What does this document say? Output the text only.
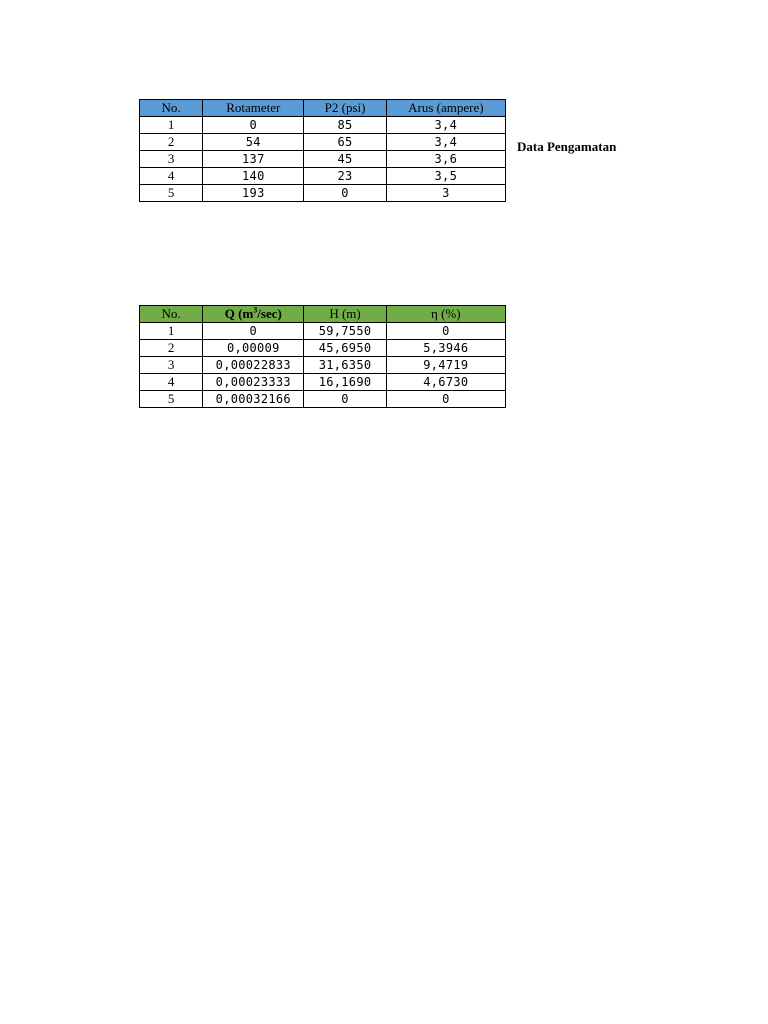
No.	Rotameter	P2 (psi)	Arus (ampere)
1	0	85	3,4
2	54	65	3,4
3	137	45	3,6
4	140	23	3,5
5	193	0	3
Data Pengamatan
No.	Q $(m^3/\sec)$	H (m)	η (%)
1	0	59,7550	0
2	0,00009	45,6950	5,3946
3	0,00022833	31,6350	9,4719
4	0,00023333	16,1690	4,6730
5	0,00032166	0	0
